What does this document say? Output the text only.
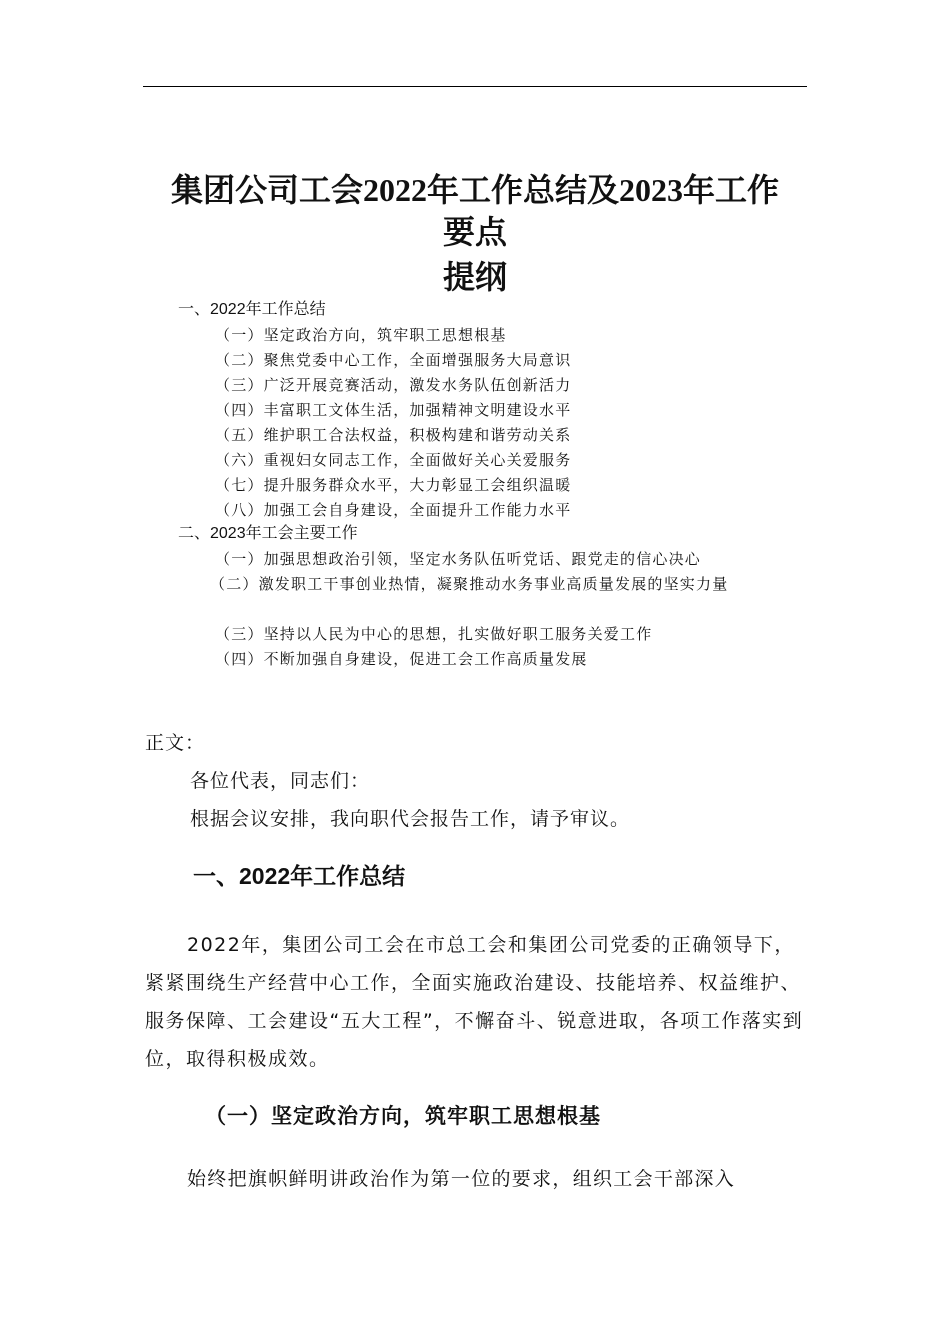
集团公司工会2022年工作总结及2023年工作
要点
提纲
一、2022年工作总结
（一）坚定政治方向，筑牢职工思想根基
（二）聚焦党委中心工作，全面增强服务大局意识
（三）广泛开展竞赛活动，激发水务队伍创新活力
（四）丰富职工文体生活，加强精神文明建设水平
（五）维护职工合法权益，积极构建和谐劳动关系
（六）重视妇女同志工作，全面做好关心关爱服务
（七）提升服务群众水平，大力彰显工会组织温暖
（八）加强工会自身建设，全面提升工作能力水平
二、2023年工会主要工作
（一）加强思想政治引领，坚定水务队伍听党话、跟党走的信心决心
（二）激发职工干事创业热情，凝聚推动水务事业高质量发展的坚实力量
（三）坚持以人民为中心的思想，扎实做好职工服务关爱工作
（四）不断加强自身建设，促进工会工作高质量发展
正文：
各位代表，同志们：
根据会议安排，我向职代会报告工作，请予审议。
一、2022年工作总结

2022年，集团公司工会在市总工会和集团公司党委的正确领导下，紧紧围绕生产经营中心工作，全面实施政治建设、技能培养、权益维护、服务保障、工会建设“五大工程”，不懈奋斗、锐意进取，各项工作落实到位，取得积极成效。

（一）坚定政治方向，筑牢职工思想根基

始终把旗帜鲜明讲政治作为第一位的要求，组织工会干部深入
